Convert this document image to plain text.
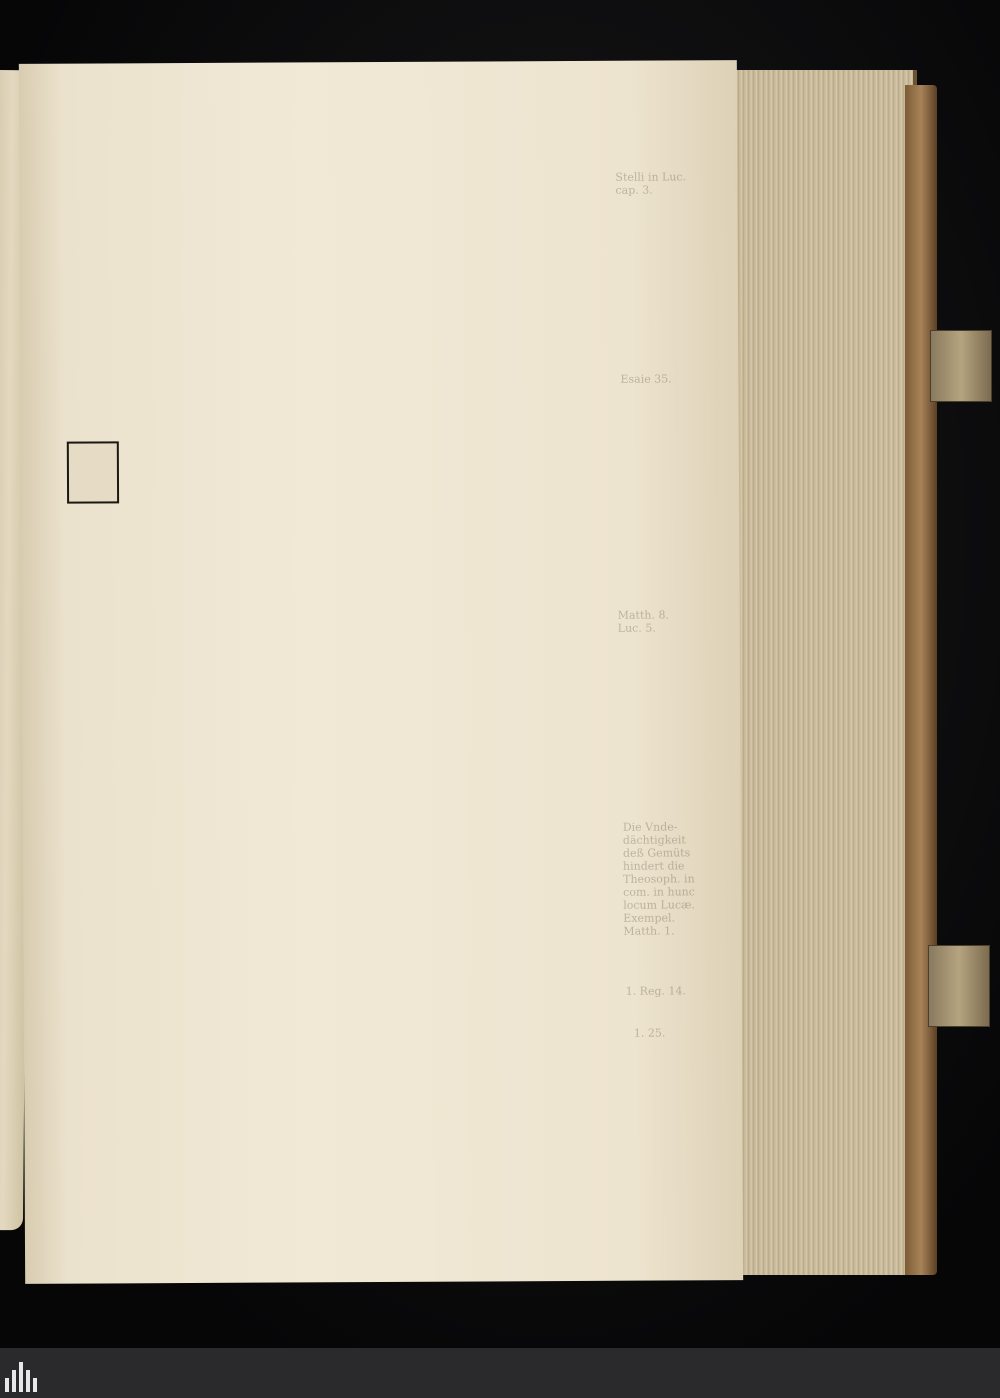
Stelli in Luc.
cap. 3.
Esaie 35.
Matth. 8.
Luc. 5.
Die Vnde-
dächtigkeit
deß Gemüts
hindert die
Theosoph. in
com. in hunc
locum Lucæ.
Exempel.
Matth. 1.
1. Reg. 14.
1. 25.
